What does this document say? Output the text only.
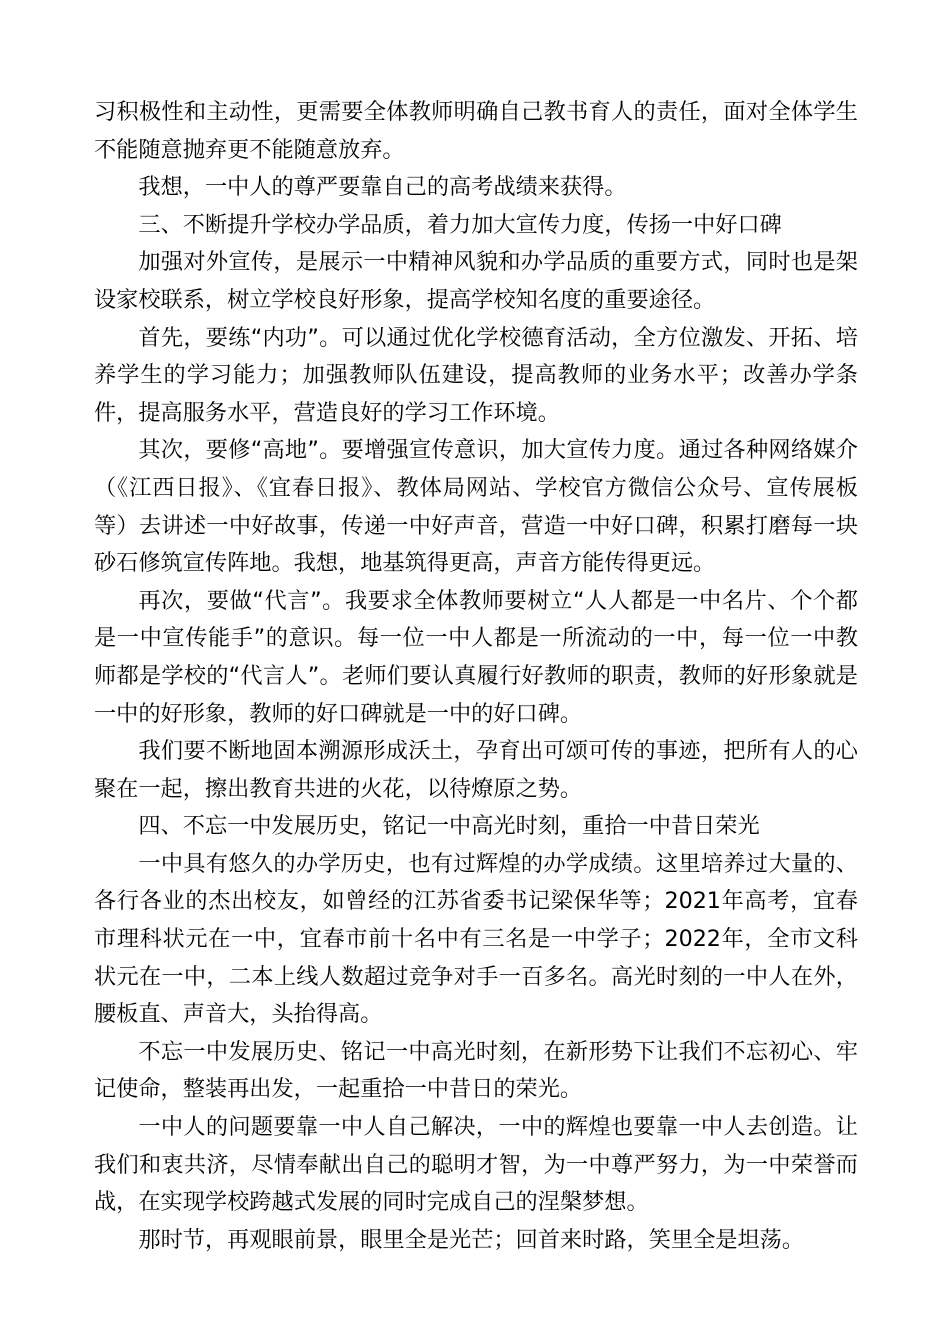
习积极性和主动性，更需要全体教师明确自己教书育人的责任，面对全体学生不能随意抛弃更不能随意放弃。

我想，一中人的尊严要靠自己的高考战绩来获得。

三、不断提升学校办学品质，着力加大宣传力度，传扬一中好口碑

加强对外宣传，是展示一中精神风貌和办学品质的重要方式，同时也是架设家校联系，树立学校良好形象，提高学校知名度的重要途径。

首先，要练“内功”。可以通过优化学校德育活动，全方位激发、开拓、培养学生的学习能力；加强教师队伍建设，提高教师的业务水平；改善办学条件，提高服务水平，营造良好的学习工作环境。

其次，要修“高地”。要增强宣传意识，加大宣传力度。通过各种网络媒介（《江西日报》、《宜春日报》、教体局网站、学校官方微信公众号、宣传展板等）去讲述一中好故事，传递一中好声音，营造一中好口碑，积累打磨每一块砂石修筑宣传阵地。我想，地基筑得更高，声音方能传得更远。

再次，要做“代言”。我要求全体教师要树立“人人都是一中名片、个个都是一中宣传能手”的意识。每一位一中人都是一所流动的一中，每一位一中教师都是学校的“代言人”。老师们要认真履行好教师的职责，教师的好形象就是一中的好形象，教师的好口碑就是一中的好口碑。

我们要不断地固本溯源形成沃土，孕育出可颂可传的事迹，把所有人的心聚在一起，擦出教育共进的火花，以待燎原之势。

四、不忘一中发展历史，铭记一中高光时刻，重拾一中昔日荣光

一中具有悠久的办学历史，也有过辉煌的办学成绩。这里培养过大量的、各行各业的杰出校友，如曾经的江苏省委书记梁保华等；2021年高考，宜春市理科状元在一中，宜春市前十名中有三名是一中学子；2022年，全市文科状元在一中，二本上线人数超过竞争对手一百多名。高光时刻的一中人在外，腰板直、声音大，头抬得高。

不忘一中发展历史、铭记一中高光时刻，在新形势下让我们不忘初心、牢记使命，整装再出发，一起重拾一中昔日的荣光。

一中人的问题要靠一中人自己解决，一中的辉煌也要靠一中人去创造。让我们和衷共济，尽情奉献出自己的聪明才智，为一中尊严努力，为一中荣誉而战，在实现学校跨越式发展的同时完成自己的涅槃梦想。

那时节，再观眼前景，眼里全是光芒；回首来时路，笑里全是坦荡。
